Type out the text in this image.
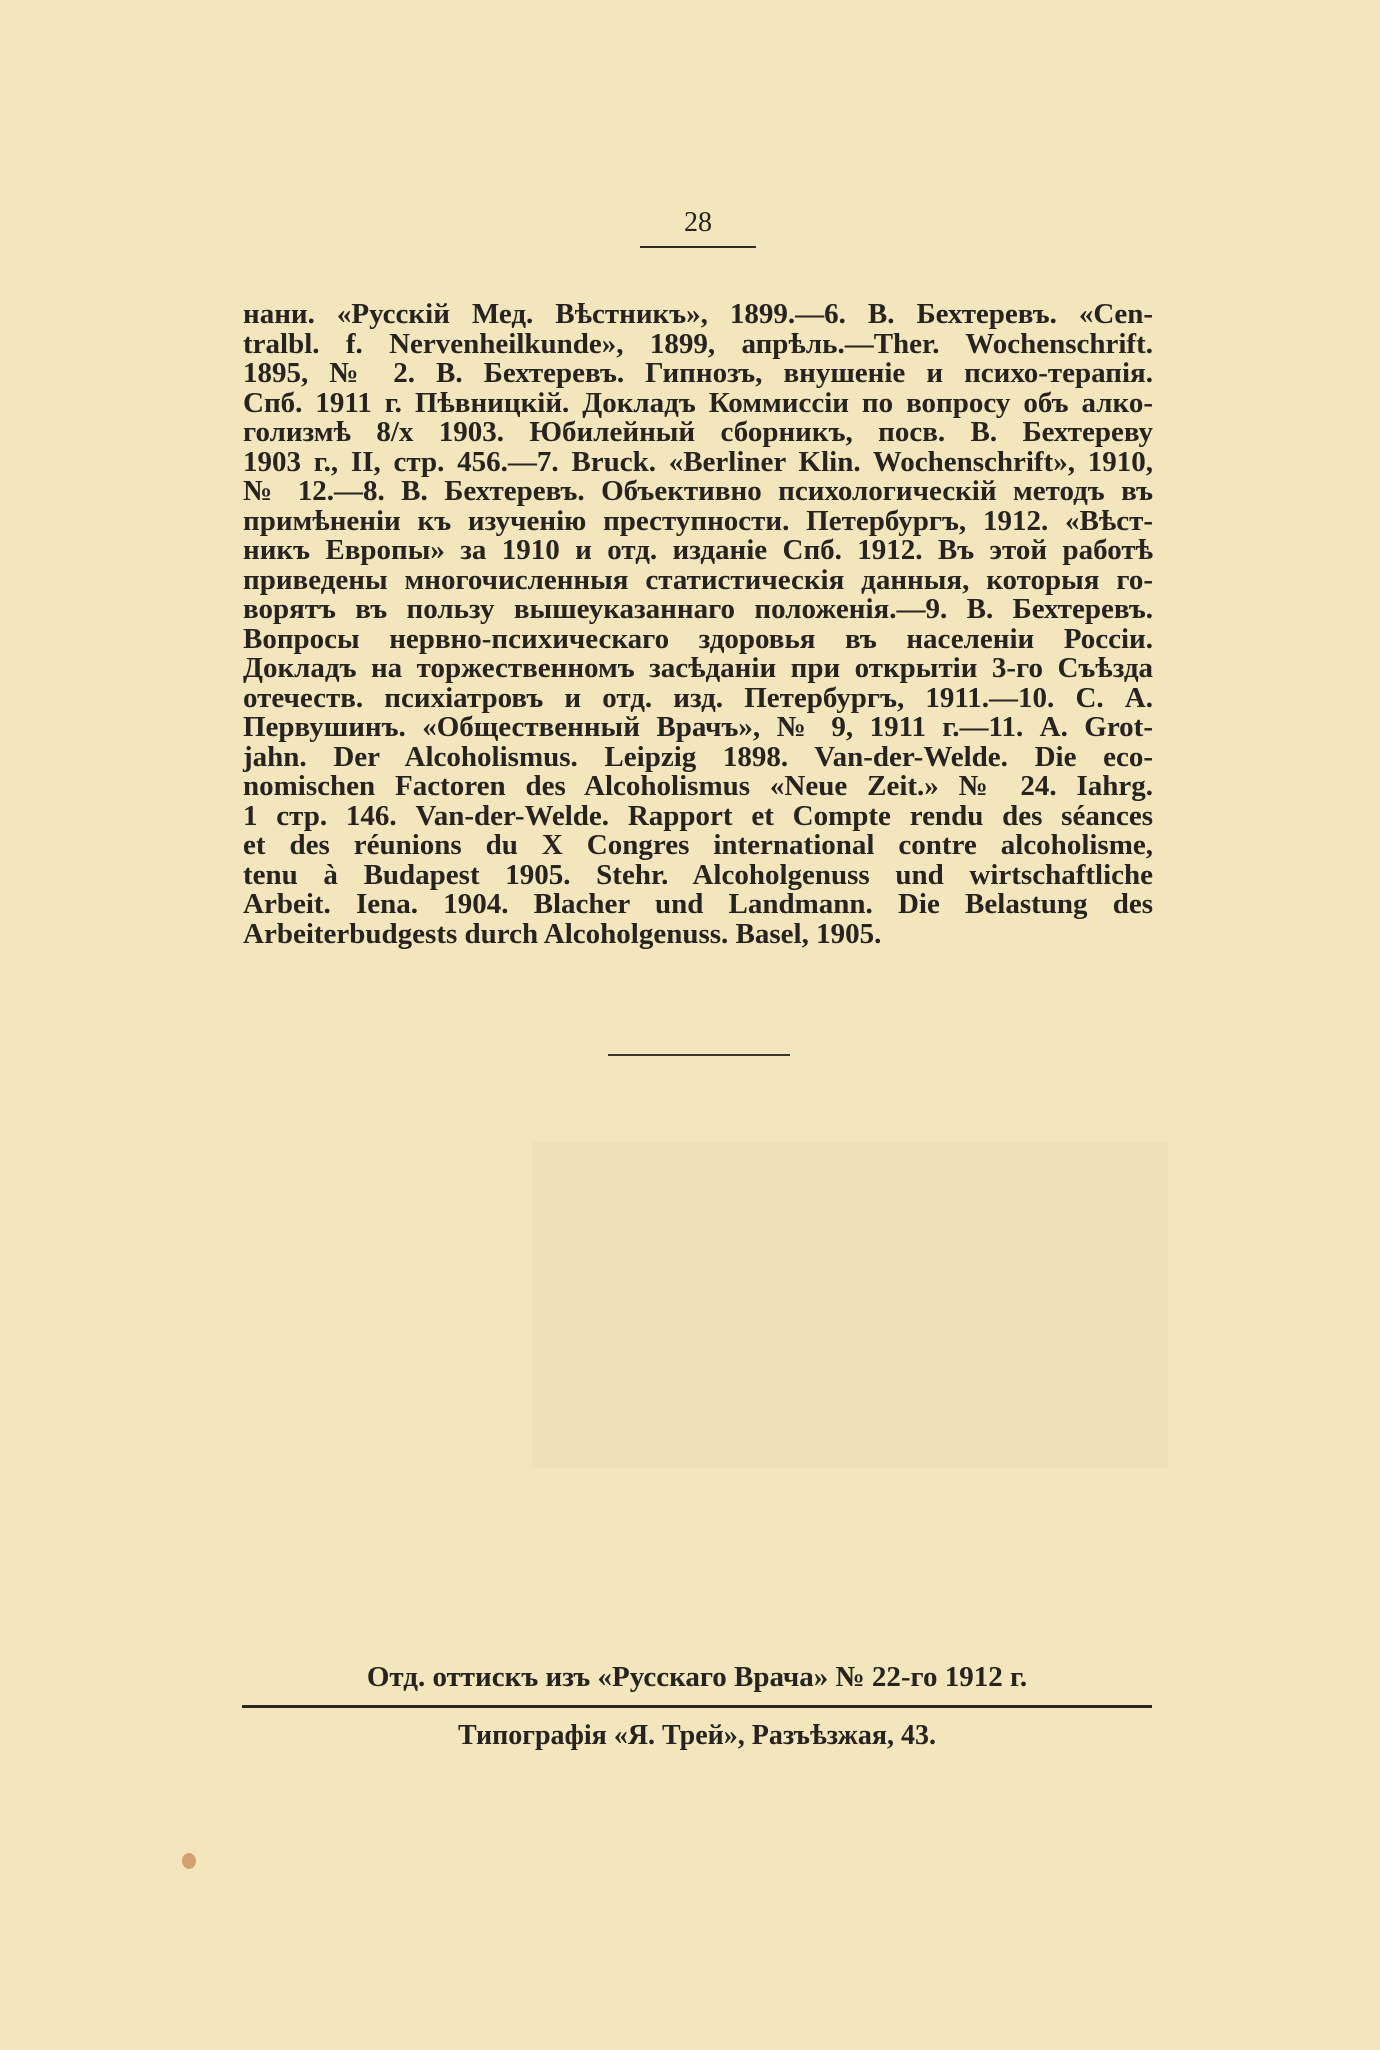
28
нани. «Русскій Мед. Вѣстникъ», 1899.—6. В. Бехтеревъ. «Cen-
tralbl. f. Nervenheilkunde», 1899, апрѣль.—Ther. Wochenschrift.
1895, № 2. В. Бехтеревъ. Гипнозъ, внушеніе и психо-терапія.
Спб. 1911 г. Пѣвницкій. Докладъ Коммиссіи по вопросу объ алко-
голизмѣ 8/x 1903. Юбилейный сборникъ, посв. В. Бехтереву
1903 г., II, стр. 456.—7. Bruck. «Berliner Klin. Wochenschrift», 1910,
№ 12.—8. В. Бехтеревъ. Объективно психологическій методъ въ
примѣненіи къ изученію преступности. Петербургъ, 1912. «Вѣст-
никъ Европы» за 1910 и отд. изданіе Спб. 1912. Въ этой работѣ
приведены многочисленныя статистическія данныя, которыя го-
ворятъ въ пользу вышеуказаннаго положенія.—9. В. Бехтеревъ.
Вопросы нервно-психическаго здоровья въ населеніи Россіи.
Докладъ на торжественномъ засѣданіи при открытіи 3-го Съѣзда
отечеств. психіатровъ и отд. изд. Петербургъ, 1911.—10. С. А.
Первушинъ. «Общественный Врачъ», № 9, 1911 г.—11. A. Grot-
jahn. Der Alcoholismus. Leipzig 1898. Van-der-Welde. Die eco-
nomischen Factoren des Alcoholismus «Neue Zeit.» № 24. Iahrg.
1 стр. 146. Van-der-Welde. Rapport et Compte rendu des séances
et des réunions du X Congres international contre alcoholisme,
tenu à Budapest 1905. Stehr. Alcoholgenuss und wirtschaftliche
Arbeit. Iena. 1904. Blacher und Landmann. Die Belastung des
Arbeiterbudgests durch Alcoholgenuss. Basel, 1905.
Отд. оттискъ изъ «Русскаго Врача» № 22-го 1912 г.
Типографія «Я. Трей», Разъѣзжая, 43.
